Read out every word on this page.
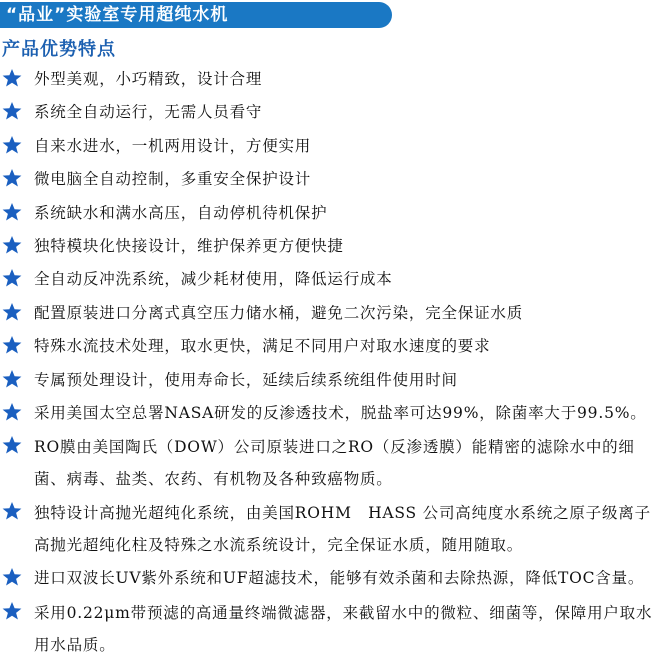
“品业”实验室专用超纯水机
产品优势特点
外型美观，小巧精致，设计合理
系统全自动运行，无需人员看守
自来水进水，一机两用设计，方便实用
微电脑全自动控制，多重安全保护设计
系统缺水和满水高压，自动停机待机保护
独特模块化快接设计，维护保养更方便快捷
全自动反冲洗系统，减少耗材使用，降低运行成本
配置原装进口分离式真空压力储水桶，避免二次污染，完全保证水质
特殊水流技术处理，取水更快，满足不同用户对取水速度的要求
专属预处理设计，使用寿命长，延续后续系统组件使用时间
采用美国太空总署NASA研发的反渗透技术，脱盐率可达99%，除菌率大于99.5%。
RO膜由美国陶氏（DOW）公司原装进口之RO（反渗透膜）能精密的滤除水中的细菌、病毒、盐类、农药、有机物及各种致癌物质。
独特设计高抛光超纯化系统，由美国ROHM　HASS 公司高纯度水系统之原子级离子高抛光超纯化柱及特殊之水流系统设计，完全保证水质，随用随取。
进口双波长UV紫外系统和UF超滤技术，能够有效杀菌和去除热源，降低TOC含量。
采用0.22μm带预滤的高通量终端微滤器，来截留水中的微粒、细菌等，保障用户取水用水品质。
